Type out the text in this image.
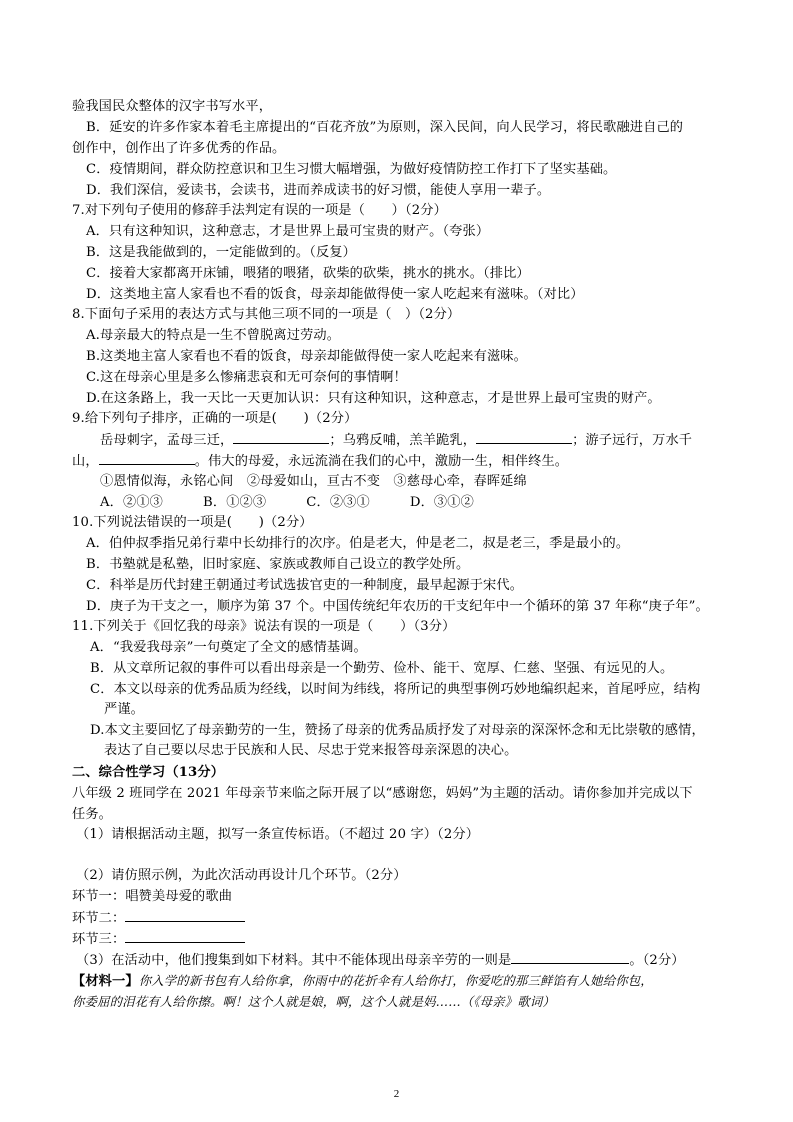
验我国民众整体的汉字书写水平，
B．延安的许多作家本着毛主席提出的“百花齐放”为原则，深入民间，向人民学习，将民歌融进自己的
创作中，创作出了许多优秀的作品。
C．疫情期间，群众防控意识和卫生习惯大幅增强，为做好疫情防控工作打下了坚实基础。
D．我们深信，爱读书，会读书，进而养成读书的好习惯，能使人享用一辈子。
7.对下列句子使用的修辞手法判定有误的一项是（　　）（2分）
A．只有这种知识，这种意志，才是世界上最可宝贵的财产。（夸张）
B．这是我能做到的，一定能做到的。（反复）
C．接着大家都离开床铺，喂猪的喂猪，砍柴的砍柴，挑水的挑水。（排比）
D．这类地主富人家看也不看的饭食，母亲却能做得使一家人吃起来有滋味。（对比）
8.下面句子采用的表达方式与其他三项不同的一项是（　）（2分）
A.母亲最大的特点是一生不曾脱离过劳动。
B.这类地主富人家看也不看的饭食，母亲却能做得使一家人吃起来有滋味。
C.这在母亲心里是多么惨痛悲哀和无可奈何的事情啊！
D.在这条路上，我一天比一天更加认识：只有这种知识，这种意志，才是世界上最可宝贵的财产。
9.给下列句子排序，正确的一项是(　　)（2分）
岳母刺字，孟母三迁，	；乌鸦反哺，羔羊跪乳，	；游子远行，万水千
山，	。伟大的母爱，永远流淌在我们的心中，激励一生，相伴终生。
①恩情似海，永铭心间　②母爱如山，亘古不变　③慈母心牵，春晖延绵
A．②①③　　　B．①②③　　　C．②③①　　　D．③①②
10.下列说法错误的一项是(　　)（2分）
A．伯仲叔季指兄弟行辈中长幼排行的次序。伯是老大，仲是老二，叔是老三，季是最小的。
B．书塾就是私塾，旧时家庭、家族或教师自己设立的教学处所。
C．科举是历代封建王朝通过考试选拔官吏的一种制度，最早起源于宋代。
D．庚子为干支之一，顺序为第 37 个。中国传统纪年农历的干支纪年中一个循环的第 37 年称“庚子年”。
11.下列关于《回忆我的母亲》说法有误的一项是（　　）（3分）
A．“我爱我母亲”一句奠定了全文的感情基调。
B．从文章所记叙的事件可以看出母亲是一个勤劳、俭朴、能干、宽厚、仁慈、坚强、有远见的人。
C．本文以母亲的优秀品质为经线，以时间为纬线，将所记的典型事例巧妙地编织起来，首尾呼应，结构
严谨。
D.本文主要回忆了母亲勤劳的一生，赞扬了母亲的优秀品质抒发了对母亲的深深怀念和无比崇敬的感情，
表达了自己要以尽忠于民族和人民、尽忠于党来报答母亲深恩的决心。
二、综合性学习（13分）
八年级 2 班同学在 2021 年母亲节来临之际开展了以“感谢您，妈妈”为主题的活动。请你参加并完成以下
任务。
（1）请根据活动主题，拟写一条宣传标语。（不超过 20 字）（2分）
（2）请仿照示例，为此次活动再设计几个环节。（2分）
环节一：唱赞美母爱的歌曲
环节二：
环节三：
（3）在活动中，他们搜集到如下材料。其中不能体现出母亲辛劳的一则是	。（2分）
【材料一】你入学的新书包有人给你拿，你雨中的花折伞有人给你打，你爱吃的那三鲜馅有人她给你包，
你委屈的泪花有人给你擦。啊！这个人就是娘，啊，这个人就是妈……（《母亲》歌词）
2
